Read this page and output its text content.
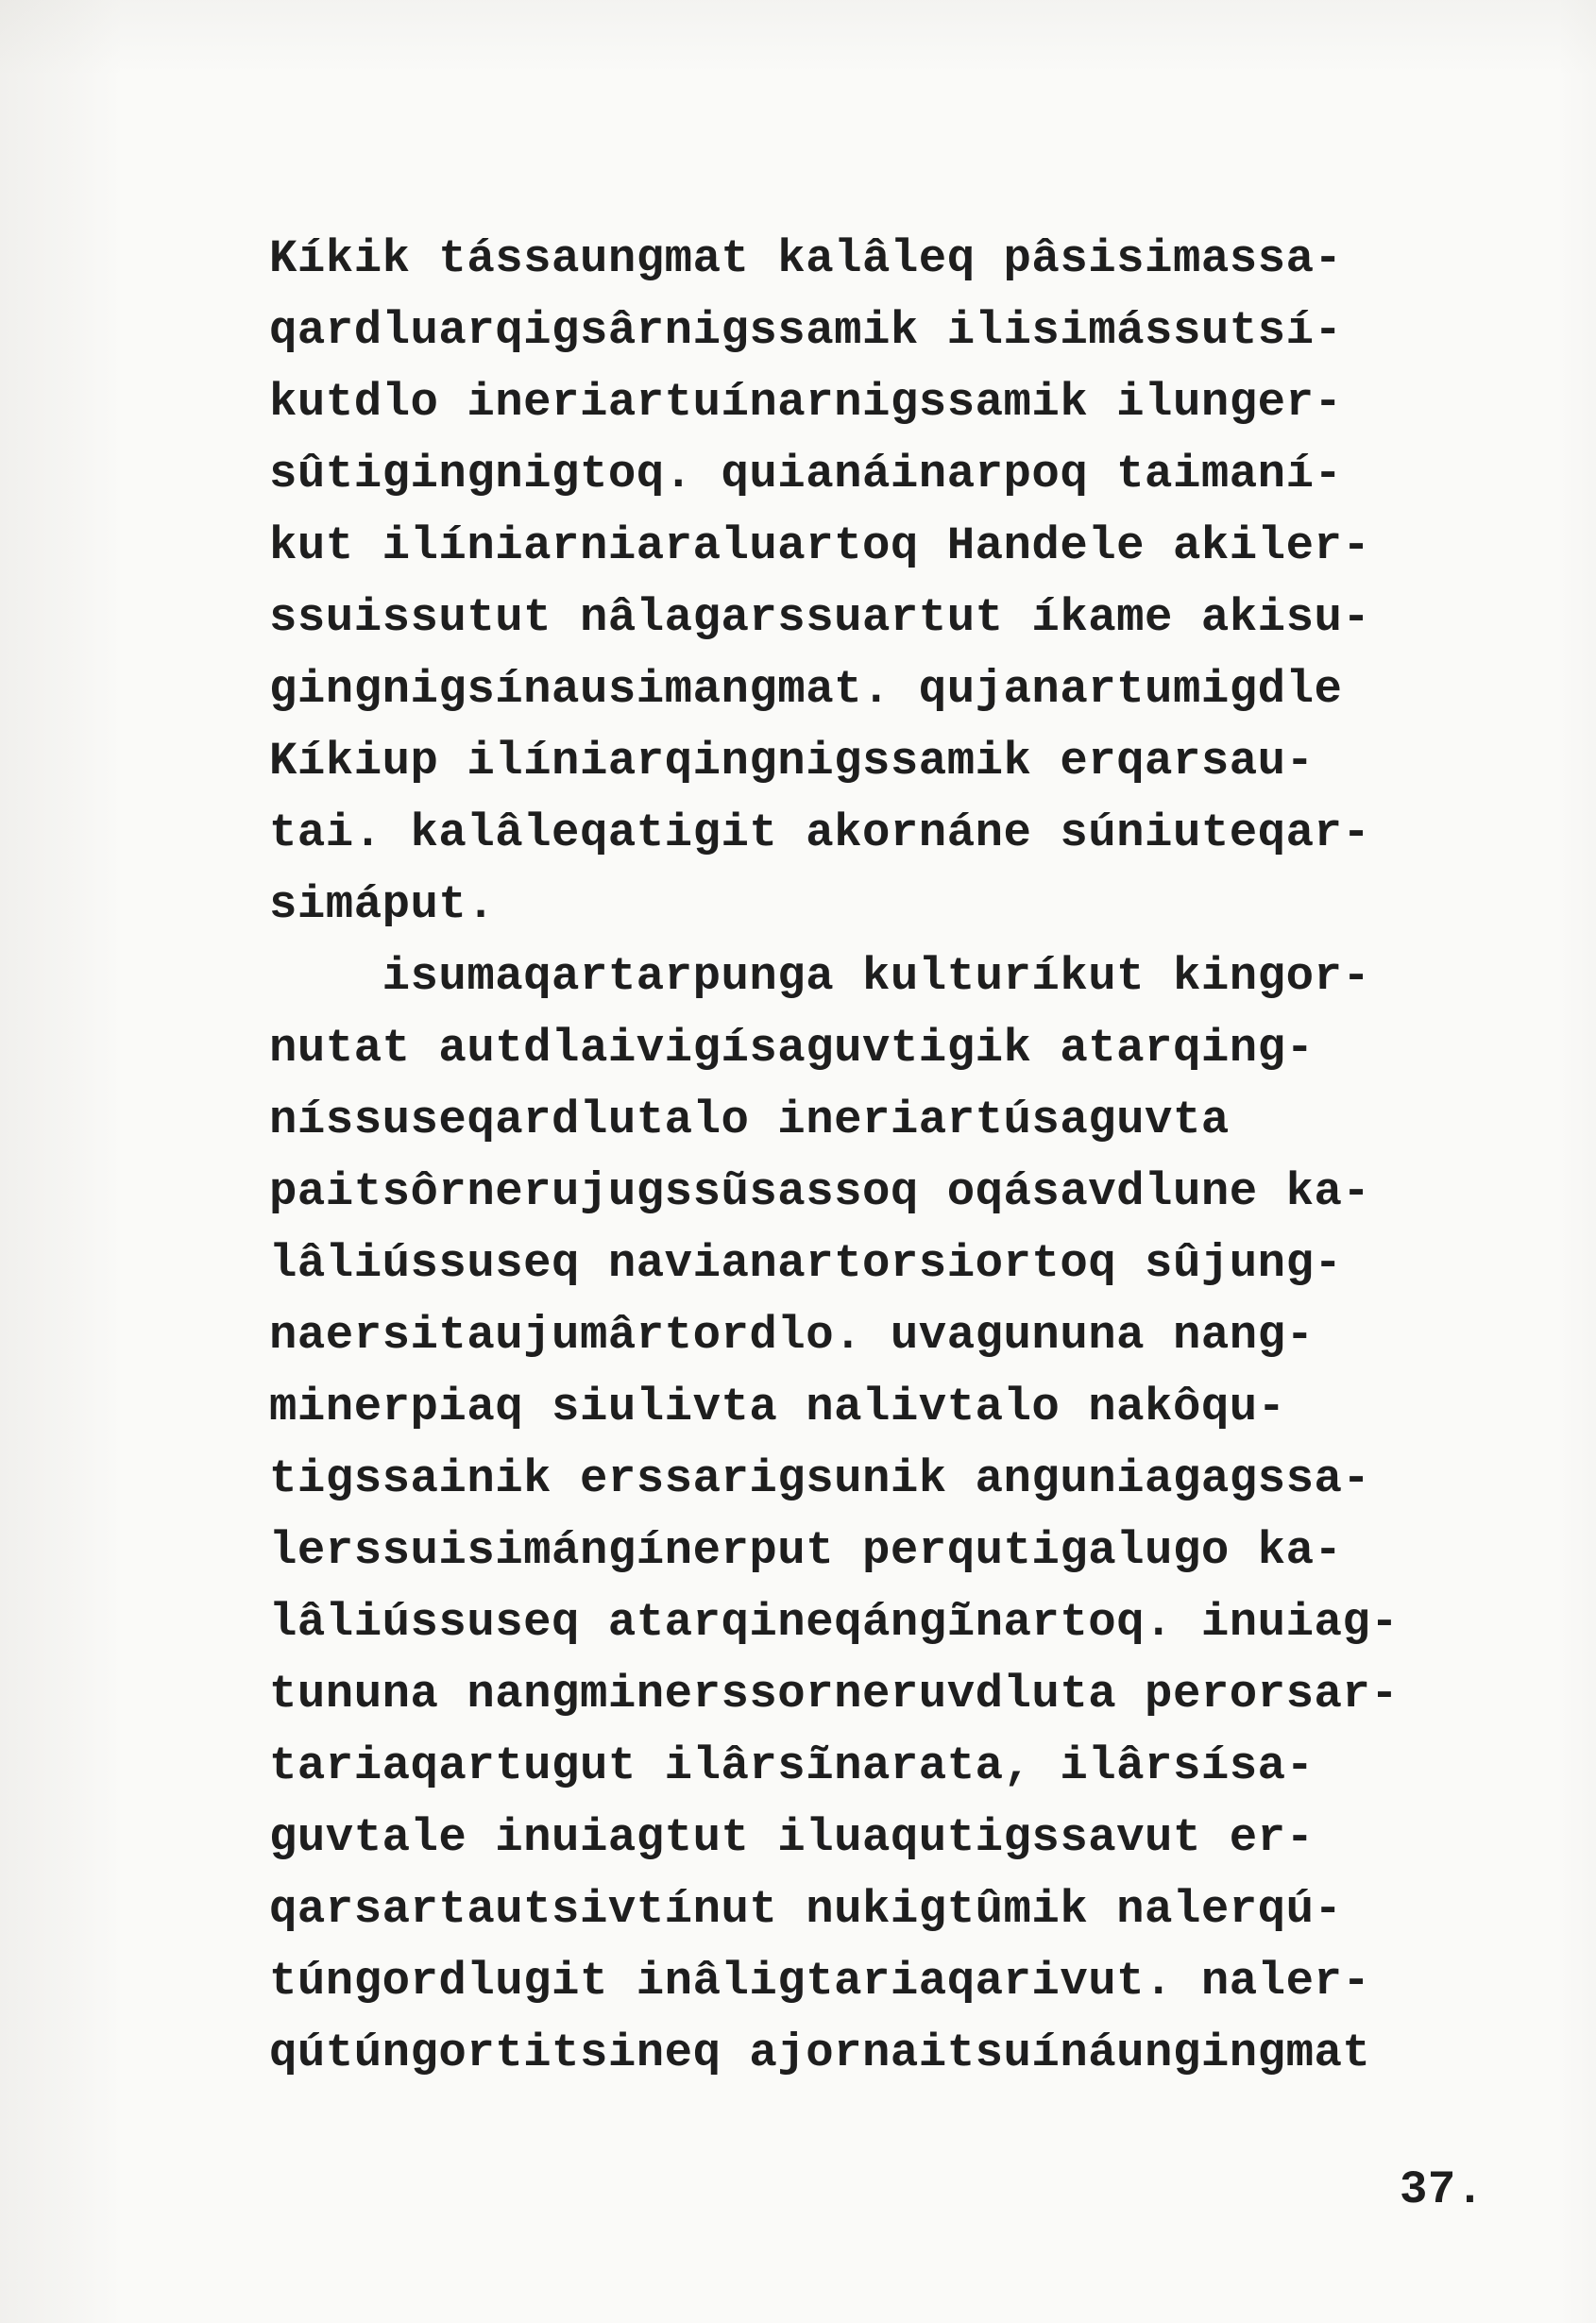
Kíkik tássaungmat kalâleq pâsisimassa-
qardluarqigsârnigssamik ilisimássutsí-
kutdlo ineriartuínarnigssamik ilunger-
sûtigingnigtoq. quianáinarpoq taimaní-
kut ilíniarniaraluartoq Handele akiler-
ssuissutut nâlagarssuartut íkame akisu-
gingnigsínausimangmat. qujanartumigdle
Kíkiup ilíniarqingnigssamik erqarsau-
tai. kalâleqatigit akornáne súniuteqar-
simáput.
isumaqartarpunga kulturíkut kingor-
nutat autdlaivigísaguvtigik atarqing-
níssuseqardlutalo ineriartúsaguvta
paitsôrnerujugssũsassoq oqásavdlune ka-
lâliússuseq navianartorsiortoq sûjung-
naersitaujumârtordlo. uvagununa nang-
minerpiaq siulivta nalivtalo nakôqu-
tigssainik erssarigsunik anguniagagssa-
lerssuisimángínerput perqutigalugo ka-
lâliússuseq atarqineqángĩnartoq. inuiag-
tununa nangminerssorneruvdluta perorsar-
tariaqartugut ilârsĩnarata, ilârsísa-
guvtale inuiagtut iluaqutigssavut er-
qarsartautsivtínut nukigtûmik nalerqú-
túngordlugit inâligtariaqarivut. naler-
qútúngortitsineq ajornaitsuínáungingmat
37.
